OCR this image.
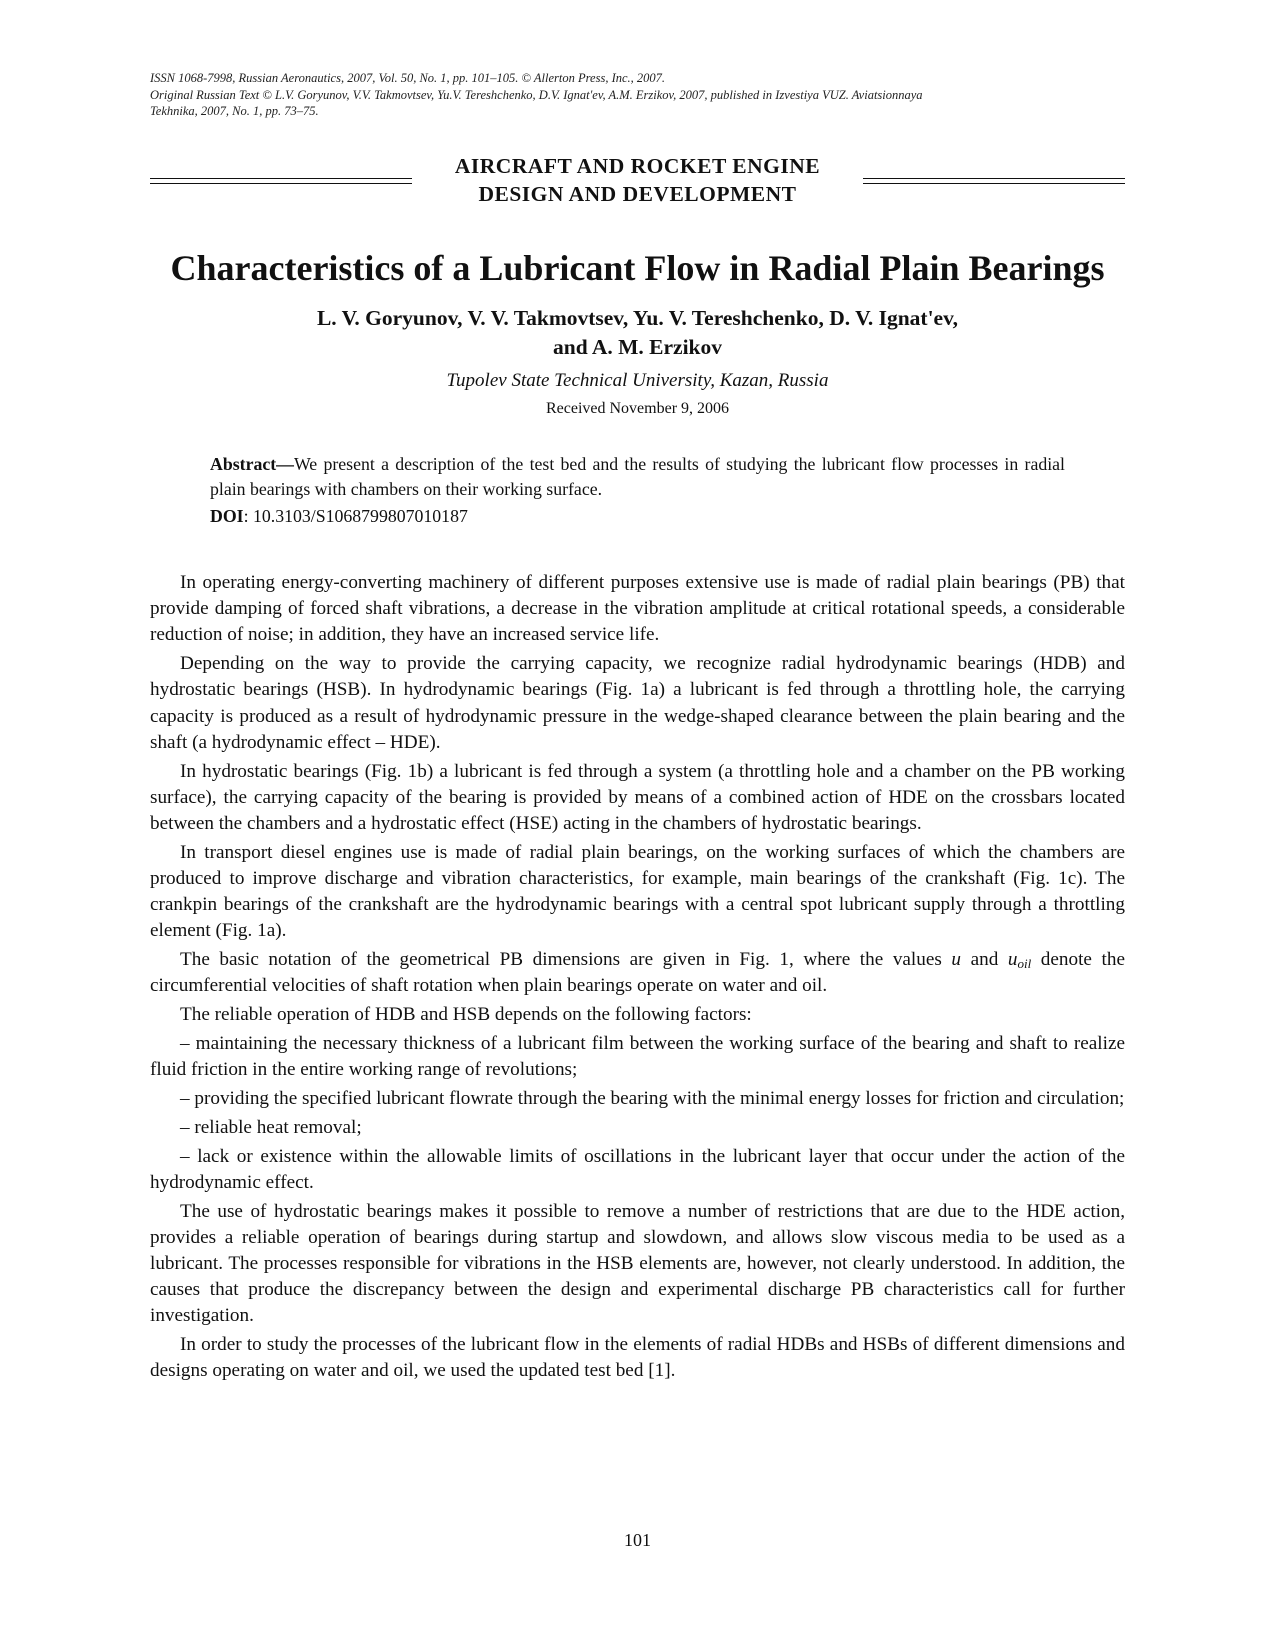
ISSN 1068-7998, Russian Aeronautics, 2007, Vol. 50, No. 1, pp. 101–105. © Allerton Press, Inc., 2007.
Original Russian Text © L.V. Goryunov, V.V. Takmovtsev, Yu.V. Tereshchenko, D.V. Ignat'ev, A.M. Erzikov, 2007, published in Izvestiya VUZ. Aviatsionnaya
Tekhnika, 2007, No. 1, pp. 73–75.
AIRCRAFT AND ROCKET ENGINE
DESIGN AND DEVELOPMENT
Characteristics of a Lubricant Flow in Radial Plain Bearings
L. V. Goryunov, V. V. Takmovtsev, Yu. V. Tereshchenko, D. V. Ignat'ev,
and A. M. Erzikov
Tupolev State Technical University, Kazan, Russia
Received November 9, 2006
Abstract—We present a description of the test bed and the results of studying the lubricant flow processes in radial plain bearings with chambers on their working surface.
DOI: 10.3103/S1068799807010187

In operating energy-converting machinery of different purposes extensive use is made of radial plain bearings (PB) that provide damping of forced shaft vibrations, a decrease in the vibration amplitude at critical rotational speeds, a considerable reduction of noise; in addition, they have an increased service life.

Depending on the way to provide the carrying capacity, we recognize radial hydrodynamic bearings (HDB) and hydrostatic bearings (HSB). In hydrodynamic bearings (Fig. 1a) a lubricant is fed through a throttling hole, the carrying capacity is produced as a result of hydrodynamic pressure in the wedge-shaped clearance between the plain bearing and the shaft (a hydrodynamic effect – HDE).

In hydrostatic bearings (Fig. 1b) a lubricant is fed through a system (a throttling hole and a chamber on the PB working surface), the carrying capacity of the bearing is provided by means of a combined action of HDE on the crossbars located between the chambers and a hydrostatic effect (HSE) acting in the chambers of hydrostatic bearings.

In transport diesel engines use is made of radial plain bearings, on the working surfaces of which the chambers are produced to improve discharge and vibration characteristics, for example, main bearings of the crankshaft (Fig. 1c). The crankpin bearings of the crankshaft are the hydrodynamic bearings with a central spot lubricant supply through a throttling element (Fig. 1a).

The basic notation of the geometrical PB dimensions are given in Fig. 1, where the values u and $u_{oil}$ denote the circumferential velocities of shaft rotation when plain bearings operate on water and oil.

The reliable operation of HDB and HSB depends on the following factors:

– maintaining the necessary thickness of a lubricant film between the working surface of the bearing and shaft to realize fluid friction in the entire working range of revolutions;

– providing the specified lubricant flowrate through the bearing with the minimal energy losses for friction and circulation;

– reliable heat removal;

– lack or existence within the allowable limits of oscillations in the lubricant layer that occur under the action of the hydrodynamic effect.

The use of hydrostatic bearings makes it possible to remove a number of restrictions that are due to the HDE action, provides a reliable operation of bearings during startup and slowdown, and allows slow viscous media to be used as a lubricant. The processes responsible for vibrations in the HSB elements are, however, not clearly understood. In addition, the causes that produce the discrepancy between the design and experimental discharge PB characteristics call for further investigation.

In order to study the processes of the lubricant flow in the elements of radial HDBs and HSBs of different dimensions and designs operating on water and oil, we used the updated test bed [1].

101
